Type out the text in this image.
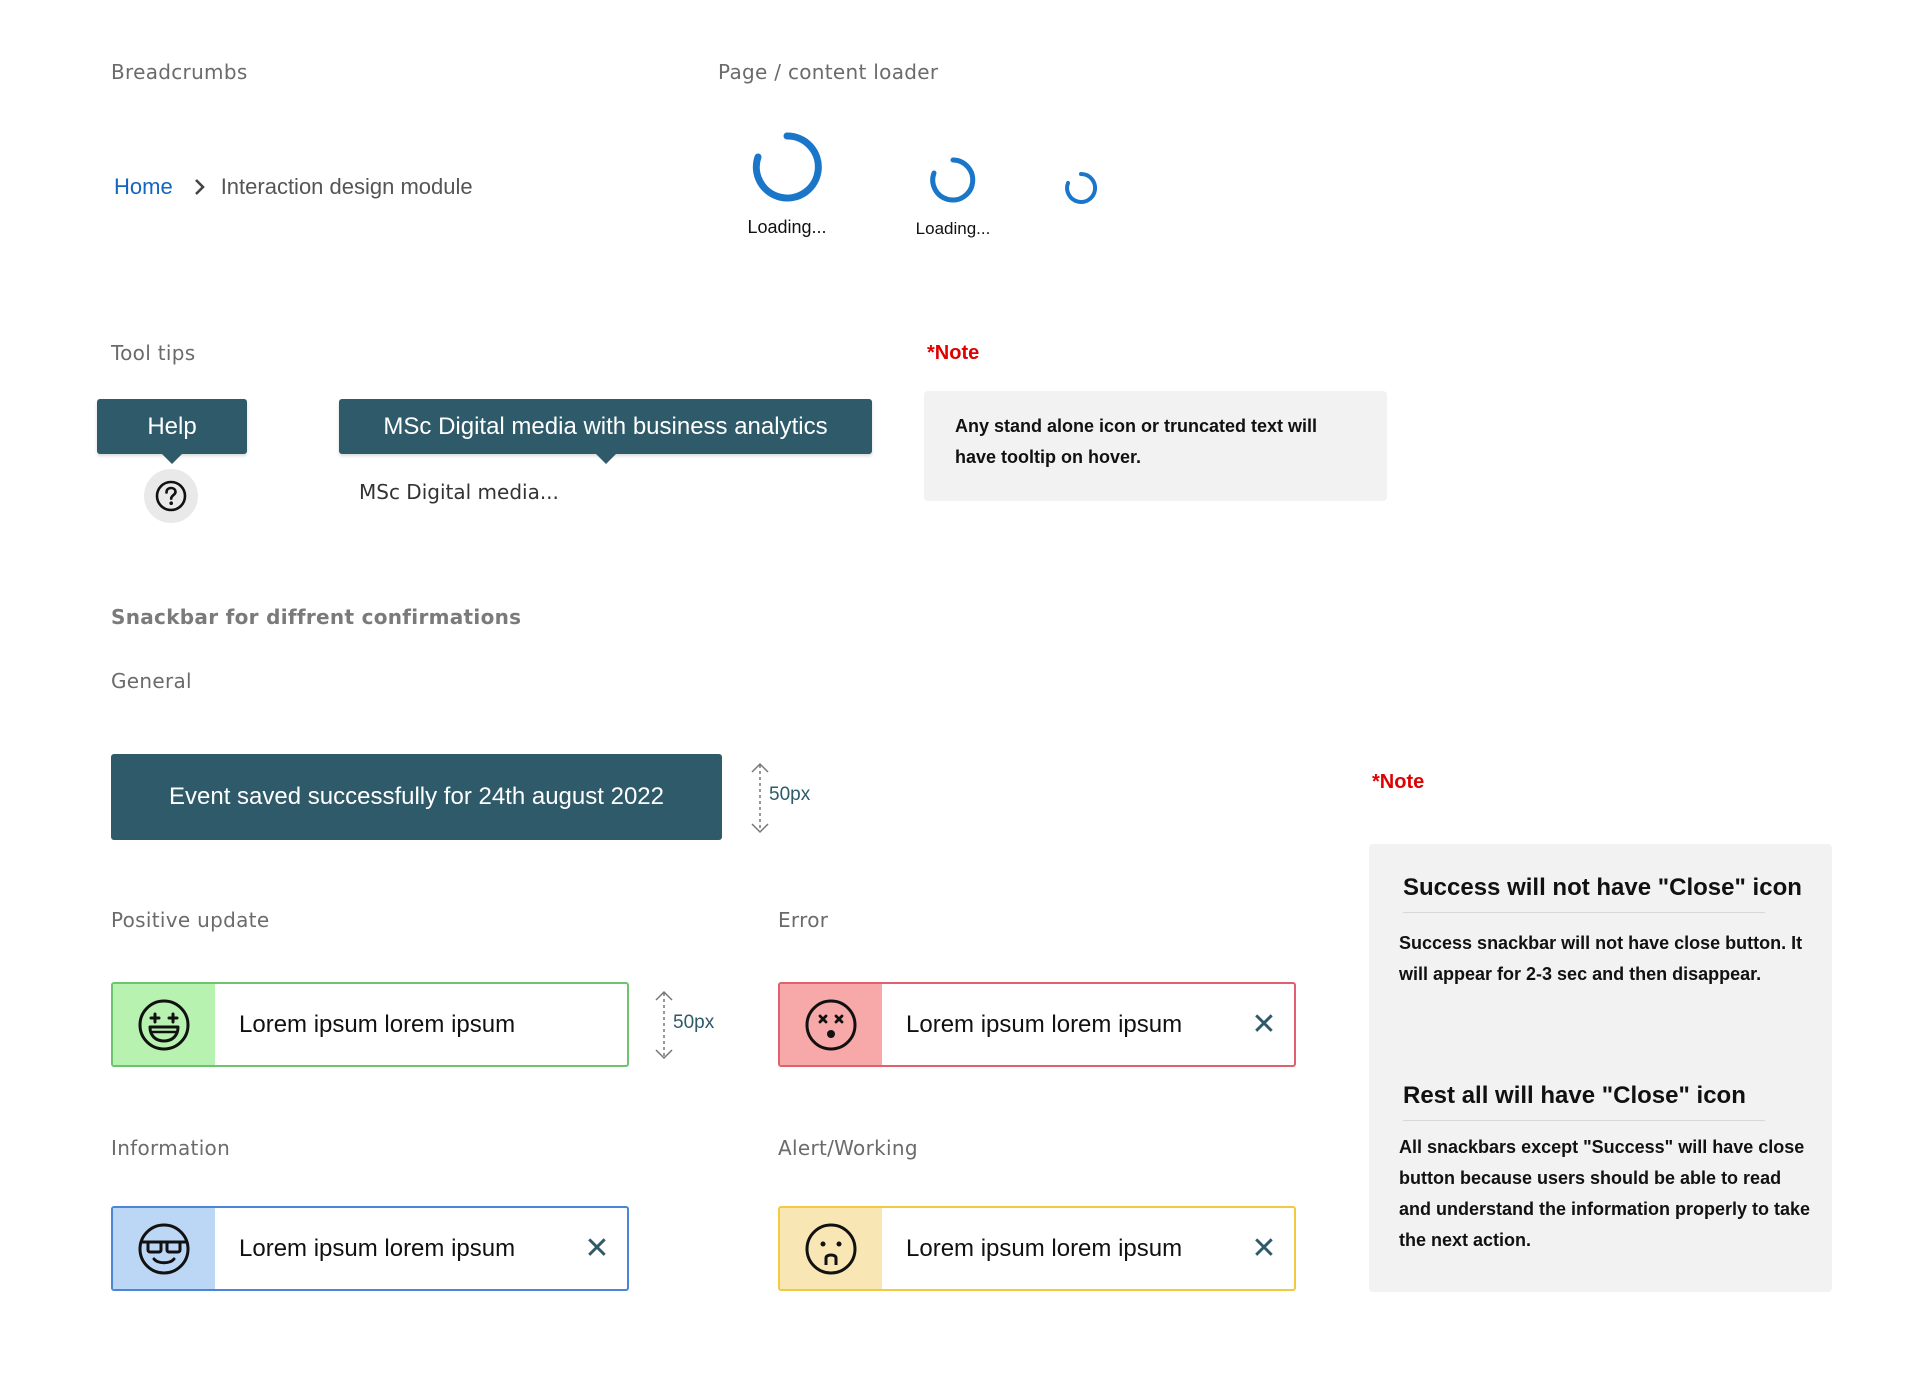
Breadcrumbs
Home Interaction design module
Page / content loader
Loading...	Loading...
Tool tips
Help	MSc Digital media with business analytics
MSc Digital media...
*Note
Any stand alone icon or truncated text will have tooltip on hover.
Snackbar for diffrent confirmations
General
Event saved successfully for 24th august 2022	50px
Positive update
Lorem ipsum lorem ipsum	50px
Error
Lorem ipsum lorem ipsum	✕
Information
Lorem ipsum lorem ipsum	✕
Alert/Working
Lorem ipsum lorem ipsum	✕
*Note
Success will not have "Close" icon
Success snackbar will not have close button. It will appear for 2-3 sec and then disappear.
Rest all will have "Close" icon
All snackbars except "Success" will have close button because users should be able to read and understand the information properly to take the next action.
